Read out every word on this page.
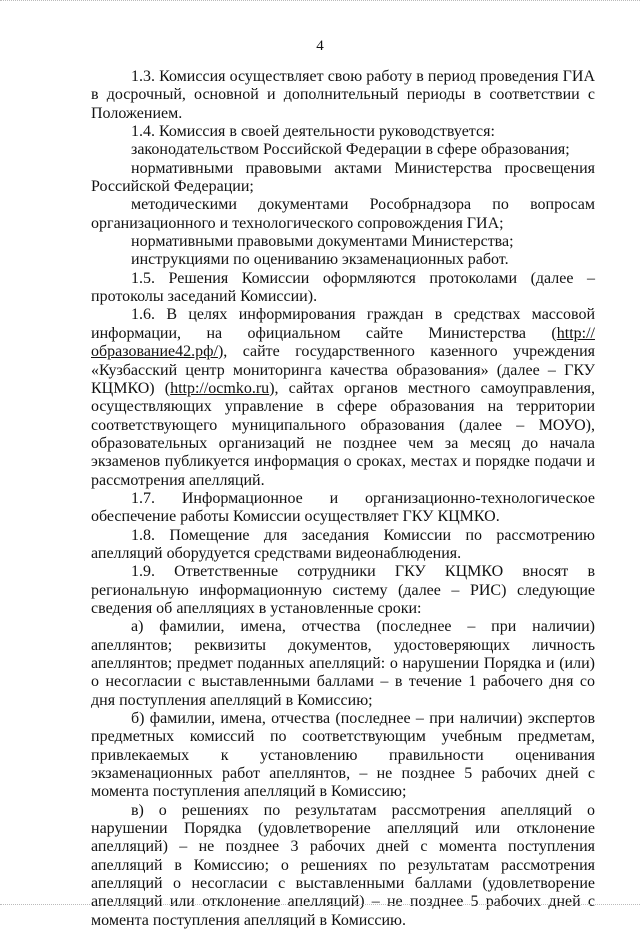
4

1.3. Комиссия осуществляет свою работу в период проведения ГИА в досрочный, основной и дополнительный периоды в соответствии с Положением.

1.4. Комиссия в своей деятельности руководствуется:

законодательством Российской Федерации в сфере образования;

нормативными правовыми актами Министерства просвещения Российской Федерации;

методическими документами Рособрнадзора по вопросам организационного и технологического сопровождения ГИА;

нормативными правовыми документами Министерства;

инструкциями по оцениванию экзаменационных работ.

1.5. Решения Комиссии оформляются протоколами (далее – протоколы заседаний Комиссии).

1.6. В целях информирования граждан в средствах массовой информации, на официальном сайте Министерства (http://образование42.рф/), сайте государственного казенного учреждения «Кузбасский центр мониторинга качества образования» (далее – ГКУ КЦМКО) (http://ocmko.ru), сайтах органов местного самоуправления, осуществляющих управление в сфере образования на территории соответствующего муниципального образования (далее – МОУО), образовательных организаций не позднее чем за месяц до начала экзаменов публикуется информация о сроках, местах и порядке подачи и рассмотрения апелляций.

1.7. Информационное и организационно-технологическое обеспечение работы Комиссии осуществляет ГКУ КЦМКО.

1.8. Помещение для заседания Комиссии по рассмотрению апелляций оборудуется средствами видеонаблюдения.

1.9. Ответственные сотрудники ГКУ КЦМКО вносят в региональную информационную систему (далее – РИС) следующие сведения об апелляциях в установленные сроки:

а) фамилии, имена, отчества (последнее – при наличии) апеллянтов; реквизиты документов, удостоверяющих личность апеллянтов; предмет поданных апелляций: о нарушении Порядка и (или) о несогласии с выставленными баллами – в течение 1 рабочего дня со дня поступления апелляций в Комиссию;

б) фамилии, имена, отчества (последнее – при наличии) экспертов предметных комиссий по соответствующим учебным предметам, привлекаемых к установлению правильности оценивания экзаменационных работ апеллянтов, – не позднее 5 рабочих дней с момента поступления апелляций в Комиссию;

в) о решениях по результатам рассмотрения апелляций о нарушении Порядка (удовлетворение апелляций или отклонение апелляций) – не позднее 3 рабочих дней с момента поступления апелляций в Комиссию; о решениях по результатам рассмотрения апелляций о несогласии с выставленными баллами (удовлетворение апелляций или отклонение апелляций) – не позднее 5 рабочих дней с момента поступления апелляций в Комиссию.
